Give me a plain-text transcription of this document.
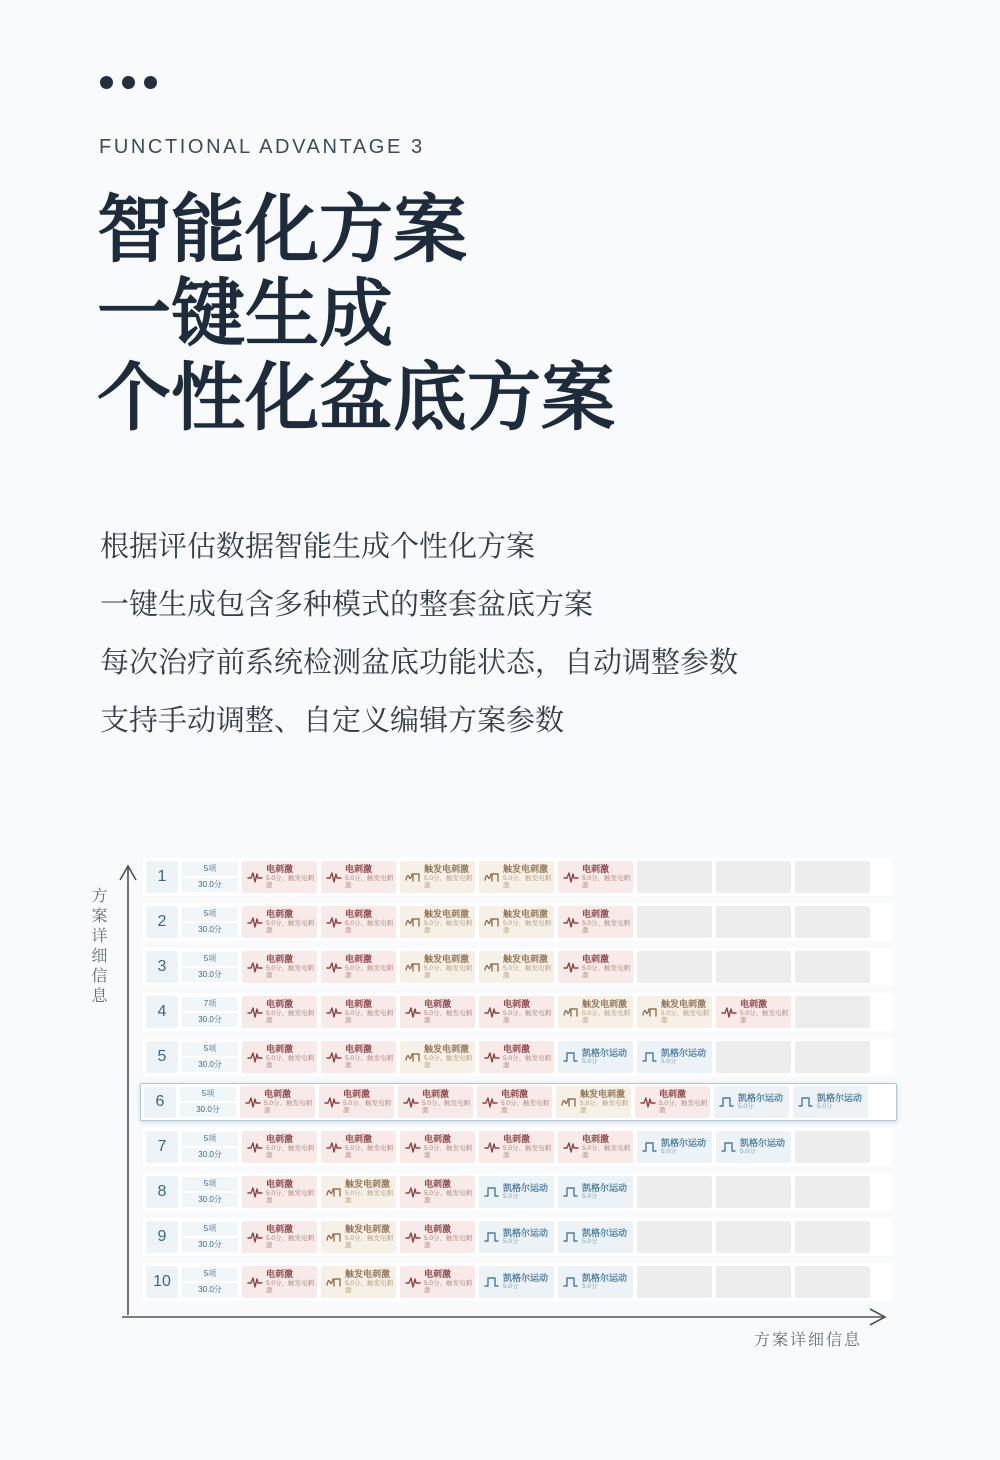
FUNCTIONAL ADVANTAGE 3
智能化方案
一键生成
个性化盆底方案
根据评估数据智能生成个性化方案
一键生成包含多种模式的整套盆底方案
每次治疗前系统检测盆底功能状态，自动调整参数
支持手动调整、自定义编辑方案参数
方案详细信息
1	5项
30.0分
电刺激
5.0分、触发电刺激
电刺激
5.0分、触发电刺激
触发电刺激
5.0分、触发电刺激
触发电刺激
5.0分、触发电刺激
电刺激
5.0分、触发电刺激
2	5项
30.0分
电刺激
5.0分、触发电刺激
电刺激
5.0分、触发电刺激
触发电刺激
5.0分、触发电刺激
触发电刺激
5.0分、触发电刺激
电刺激
5.0分、触发电刺激
3	5项
30.0分
电刺激
5.0分、触发电刺激
电刺激
5.0分、触发电刺激
触发电刺激
5.0分、触发电刺激
触发电刺激
5.0分、触发电刺激
电刺激
5.0分、触发电刺激
4	7项
30.0分
电刺激
5.0分、触发电刺激
电刺激
5.0分、触发电刺激
电刺激
5.0分、触发电刺激
电刺激
5.0分、触发电刺激
触发电刺激
5.0分、触发电刺激
触发电刺激
5.0分、触发电刺激
电刺激
5.0分、触发电刺激
5	5项
30.0分
电刺激
5.0分、触发电刺激
电刺激
5.0分、触发电刺激
触发电刺激
5.0分、触发电刺激
电刺激
5.0分、触发电刺激
凯格尔运动
5.0分
凯格尔运动
5.0分
6	5项
30.0分
电刺激
5.0分、触发电刺激
电刺激
5.0分、触发电刺激
电刺激
5.0分、触发电刺激
电刺激
5.0分、触发电刺激
触发电刺激
5.0分、触发电刺激
电刺激
5.0分、触发电刺激
凯格尔运动
5.0分
凯格尔运动
5.0分
7	5项
30.0分
电刺激
5.0分、触发电刺激
电刺激
5.0分、触发电刺激
电刺激
5.0分、触发电刺激
电刺激
5.0分、触发电刺激
电刺激
5.0分、触发电刺激
凯格尔运动
5.0分
凯格尔运动
5.0分
8	5项
30.0分
电刺激
5.0分、触发电刺激
触发电刺激
5.0分、触发电刺激
电刺激
5.0分、触发电刺激
凯格尔运动
5.0分
凯格尔运动
5.0分
9	5项
30.0分
电刺激
5.0分、触发电刺激
触发电刺激
5.0分、触发电刺激
电刺激
5.0分、触发电刺激
凯格尔运动
5.0分
凯格尔运动
5.0分
10	5项
30.0分
电刺激
5.0分、触发电刺激
触发电刺激
5.0分、触发电刺激
电刺激
5.0分、触发电刺激
凯格尔运动
5.0分
凯格尔运动
5.0分
方案详细信息
